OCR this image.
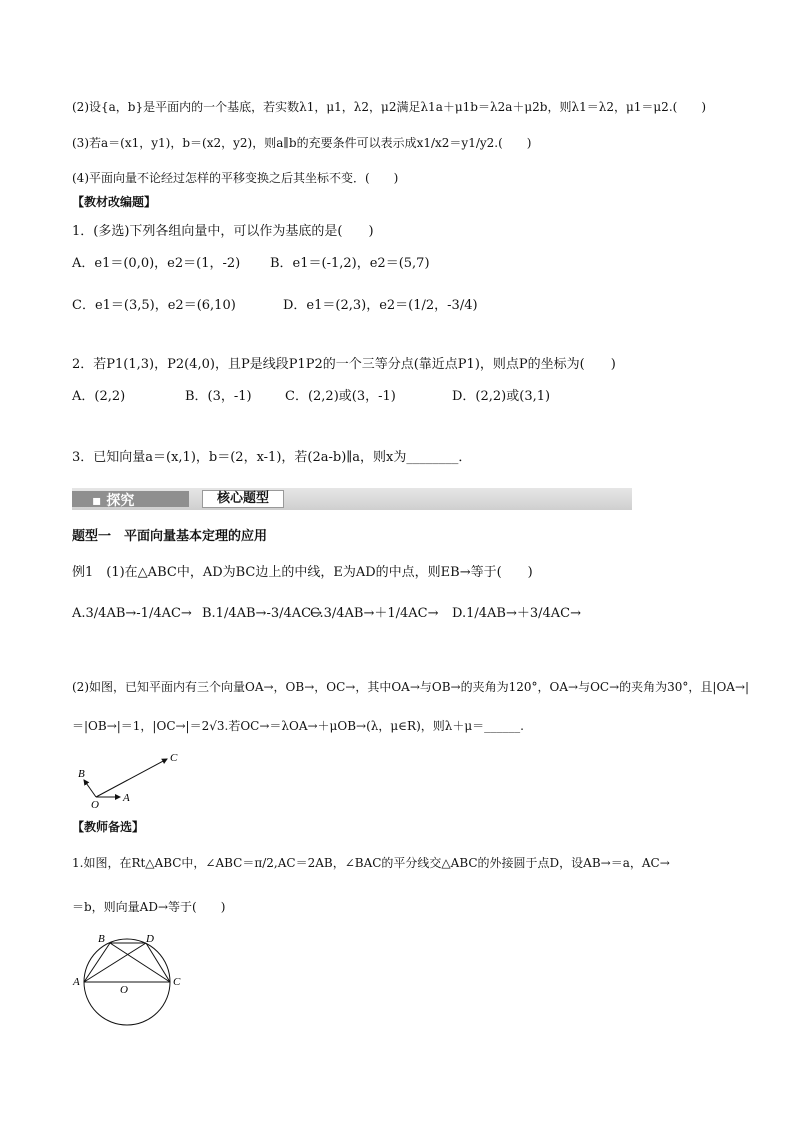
(2)设{a，b}是平面内的一个基底，若实数λ1，μ1，λ2，μ2满足λ1a＋μ1b＝λ2a＋μ2b，则λ1＝λ2，μ1＝μ2.(　　)
(3)若a＝(x1，y1)，b＝(x2，y2)，则a∥b的充要条件可以表示成x1/x2＝y1/y2.(　　)
(4)平面向量不论经过怎样的平移变换之后其坐标不变．(　　)
【教材改编题】
1．(多选)下列各组向量中，可以作为基底的是(　　)
A．e1＝(0,0)，e2＝(1，-2) B．e1＝(-1,2)，e2＝(5,7)
C．e1＝(3,5)，e2＝(6,10)	D．e1＝(2,3)，e2＝(1/2，-3/4)
2．若P1(1,3)，P2(4,0)，且P是线段P1P2的一个三等分点(靠近点P1)，则点P的坐标为(　　)
A．(2,2)	B．(3，-1)	C．(2,2)或(3，-1)	D．(2,2)或(3,1)
3．已知向量a＝(x,1)，b＝(2，x-1)，若(2a-b)∥a，则x为________．
▪ 探究	核心题型
题型一　平面向量基本定理的应用
例1　(1)在△ABC中，AD为BC边上的中线，E为AD的中点，则EB→等于(　　)
A.3/4AB→-1/4AC→ B.1/4AB→-3/4AC→
C.3/4AB→＋1/4AC→ D.1/4AB→＋3/4AC→
(2)如图，已知平面内有三个向量OA→，OB→，OC→，其中OA→与OB→的夹角为120°，OA→与OC→的夹角为30°，且|OA→|
＝|OB→|＝1，|OC→|＝2√3.若OC→＝λOA→＋μOB→(λ，μ∈R)，则λ＋μ＝______.
B
C
O
A
【教师备选】
1.如图，在Rt△ABC中，∠ABC＝π/2,AC＝2AB，∠BAC的平分线交△ABC的外接圆于点D，设AB→＝a，AC→
＝b，则向量AD→等于(　　)
B	D
A
O
C
